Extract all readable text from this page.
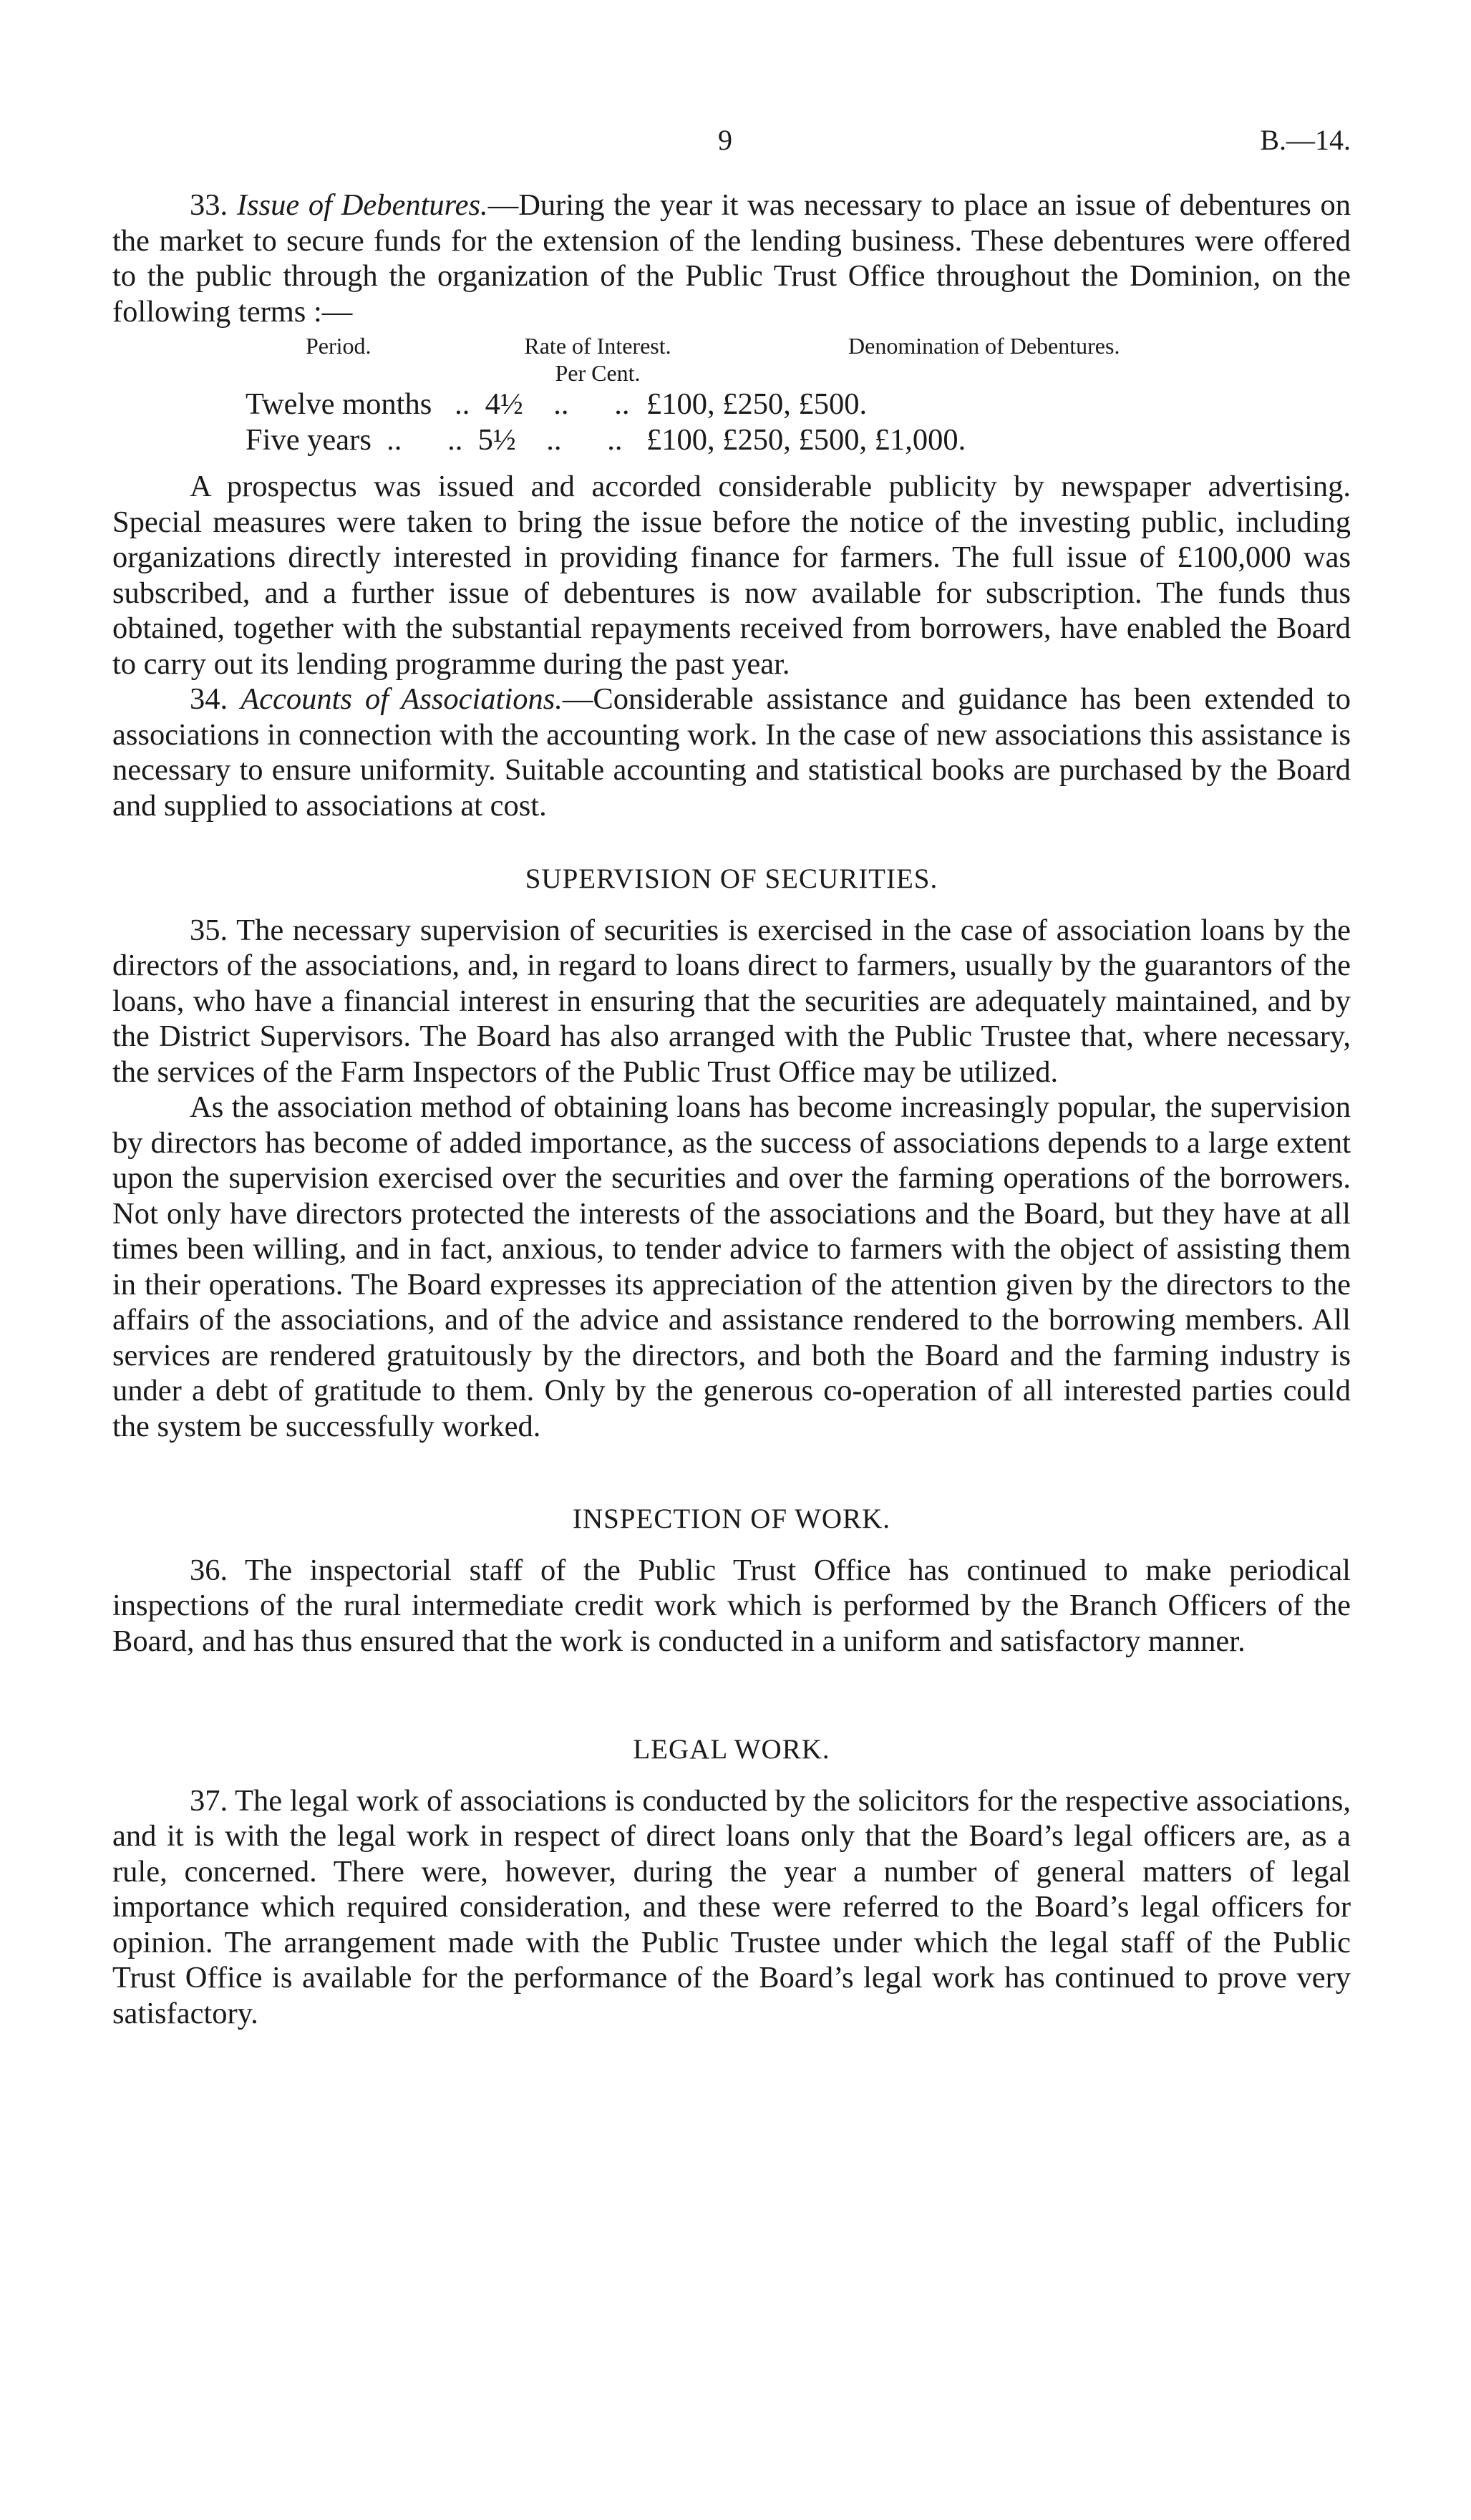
9	B.—14.

33. Issue of Debentures.—During the year it was necessary to place an issue of debentures on the market to secure funds for the extension of the lending business. These debentures were offered to the public through the organization of the Public Trust Office throughout the Dominion, on the following terms :—

Period.	Rate of Interest.
Per Cent.
Denomination of Debentures.
Twelve months   ..  4½    ..      .. £100, £250, £500.
Five years  ..      ..  5½    ..      .. £100, £250, £500, £1,000.

A prospectus was issued and accorded considerable publicity by newspaper advertising. Special measures were taken to bring the issue before the notice of the investing public, including organizations directly interested in providing finance for farmers. The full issue of £100,000 was subscribed, and a further issue of debentures is now available for subscription. The funds thus obtained, together with the substantial repayments received from borrowers, have enabled the Board to carry out its lending programme during the past year.

34. Accounts of Associations.—Considerable assistance and guidance has been extended to associations in connection with the accounting work. In the case of new associations this assistance is necessary to ensure uniformity. Suitable accounting and statistical books are purchased by the Board and supplied to associations at cost.

SUPERVISION OF SECURITIES.

35. The necessary supervision of securities is exercised in the case of association loans by the directors of the associations, and, in regard to loans direct to farmers, usually by the guarantors of the loans, who have a financial interest in ensuring that the securities are adequately maintained, and by the District Supervisors. The Board has also arranged with the Public Trustee that, where necessary, the services of the Farm Inspectors of the Public Trust Office may be utilized.

As the association method of obtaining loans has become increasingly popular, the supervision by directors has become of added importance, as the success of associations depends to a large extent upon the supervision exercised over the securities and over the farming operations of the borrowers. Not only have directors protected the interests of the associations and the Board, but they have at all times been willing, and in fact, anxious, to tender advice to farmers with the object of assisting them in their operations. The Board expresses its appreciation of the attention given by the directors to the affairs of the associations, and of the advice and assistance rendered to the borrowing members. All services are rendered gratuitously by the directors, and both the Board and the farming industry is under a debt of gratitude to them. Only by the generous co-operation of all interested parties could the system be successfully worked.

INSPECTION OF WORK.

36. The inspectorial staff of the Public Trust Office has continued to make periodical inspections of the rural intermediate credit work which is performed by the Branch Officers of the Board, and has thus ensured that the work is conducted in a uniform and satisfactory manner.

LEGAL WORK.

37. The legal work of associations is conducted by the solicitors for the respective associations, and it is with the legal work in respect of direct loans only that the Board’s legal officers are, as a rule, concerned. There were, however, during the year a number of general matters of legal importance which required consideration, and these were referred to the Board’s legal officers for opinion. The arrangement made with the Public Trustee under which the legal staff of the Public Trust Office is available for the performance of the Board’s legal work has continued to prove very satisfactory.
